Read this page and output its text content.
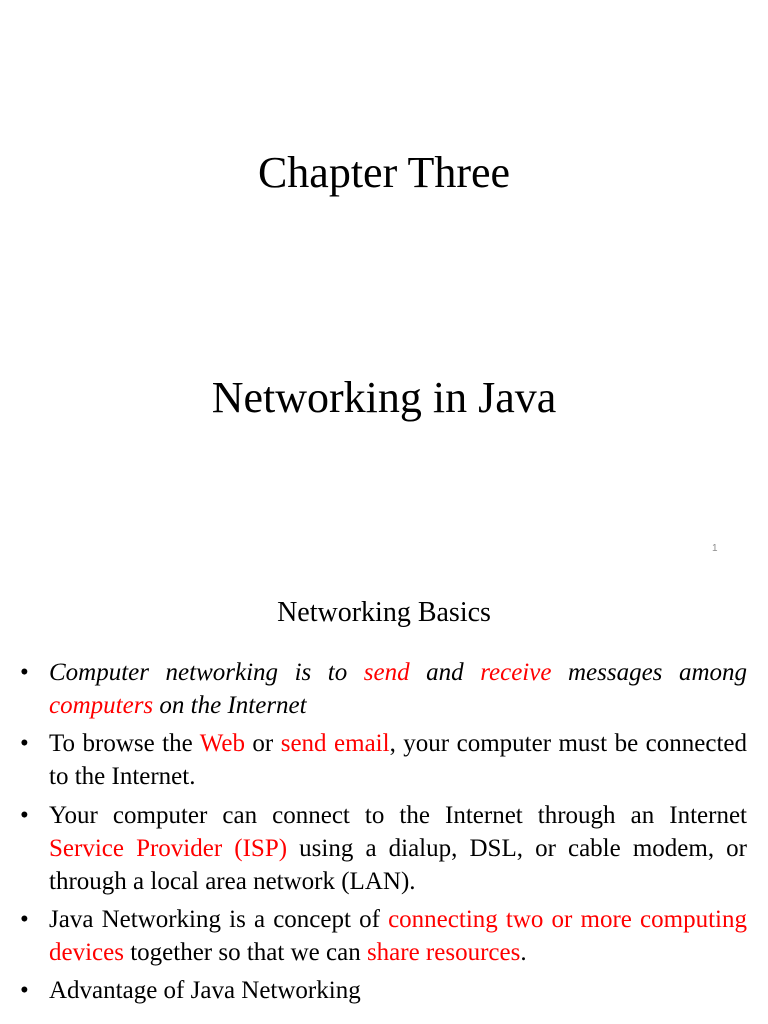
Chapter Three
Networking in Java
1
Networking Basics
• Computer networking is to send and receive messages among computers on the Internet
• To browse the Web or send email, your computer must be connected to the Internet.
• Your computer can connect to the Internet through an Internet Service Provider (ISP) using a dialup, DSL, or cable modem, or through a local area network (LAN).
• Java Networking is a concept of connecting two or more computing devices together so that we can share resources.
• Advantage of Java Networking
